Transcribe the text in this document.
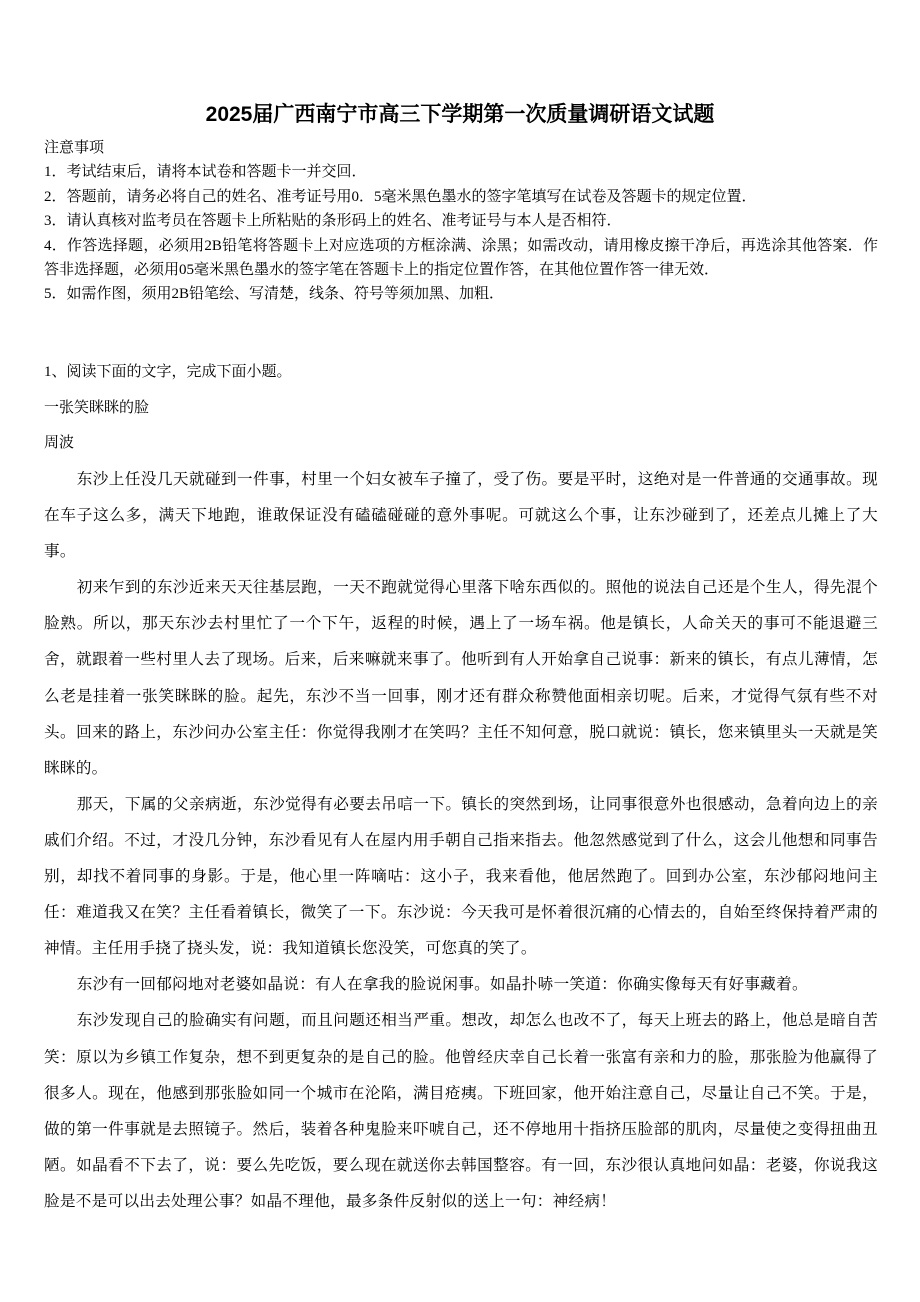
2025届广西南宁市高三下学期第一次质量调研语文试题
注意事项
1．考试结束后，请将本试卷和答题卡一并交回．
2．答题前，请务必将自己的姓名、准考证号用0．5毫米黑色墨水的签字笔填写在试卷及答题卡的规定位置．
3．请认真核对监考员在答题卡上所粘贴的条形码上的姓名、准考证号与本人是否相符．
4．作答选择题，必须用2B铅笔将答题卡上对应选项的方框涂满、涂黑；如需改动，请用橡皮擦干净后，再选涂其他答案．作答非选择题，必须用05毫米黑色墨水的签字笔在答题卡上的指定位置作答，在其他位置作答一律无效．
5．如需作图，须用2B铅笔绘、写清楚，线条、符号等须加黑、加粗．
1、阅读下面的文字，完成下面小题。
一张笑眯眯的脸
周波

东沙上任没几天就碰到一件事，村里一个妇女被车子撞了，受了伤。要是平时，这绝对是一件普通的交通事故。现在车子这么多，满天下地跑，谁敢保证没有磕磕碰碰的意外事呢。可就这么个事，让东沙碰到了，还差点儿摊上了大事。

初来乍到的东沙近来天天往基层跑，一天不跑就觉得心里落下啥东西似的。照他的说法自己还是个生人，得先混个脸熟。所以，那天东沙去村里忙了一个下午，返程的时候，遇上了一场车祸。他是镇长，人命关天的事可不能退避三舍，就跟着一些村里人去了现场。后来，后来嘛就来事了。他听到有人开始拿自己说事：新来的镇长，有点儿薄情，怎么老是挂着一张笑眯眯的脸。起先，东沙不当一回事，刚才还有群众称赞他面相亲切呢。后来，才觉得气氛有些不对头。回来的路上，东沙问办公室主任：你觉得我刚才在笑吗？主任不知何意，脱口就说：镇长，您来镇里头一天就是笑眯眯的。

那天，下属的父亲病逝，东沙觉得有必要去吊唁一下。镇长的突然到场，让同事很意外也很感动，急着向边上的亲戚们介绍。不过，才没几分钟，东沙看见有人在屋内用手朝自己指来指去。他忽然感觉到了什么，这会儿他想和同事告别，却找不着同事的身影。于是，他心里一阵嘀咕：这小子，我来看他，他居然跑了。回到办公室，东沙郁闷地问主任：难道我又在笑？主任看着镇长，微笑了一下。东沙说：今天我可是怀着很沉痛的心情去的，自始至终保持着严肃的神情。主任用手挠了挠头发，说：我知道镇长您没笑，可您真的笑了。

东沙有一回郁闷地对老婆如晶说：有人在拿我的脸说闲事。如晶扑哧一笑道：你确实像每天有好事藏着。

东沙发现自己的脸确实有问题，而且问题还相当严重。想改，却怎么也改不了，每天上班去的路上，他总是暗自苦笑：原以为乡镇工作复杂，想不到更复杂的是自己的脸。他曾经庆幸自己长着一张富有亲和力的脸，那张脸为他赢得了很多人。现在，他感到那张脸如同一个城市在沦陷，满目疮痍。下班回家，他开始注意自己，尽量让自己不笑。于是，做的第一件事就是去照镜子。然后，装着各种鬼脸来吓唬自己，还不停地用十指挤压脸部的肌肉，尽量使之变得扭曲丑陋。如晶看不下去了，说：要么先吃饭，要么现在就送你去韩国整容。有一回，东沙很认真地问如晶：老婆，你说我这脸是不是可以出去处理公事？如晶不理他，最多条件反射似的送上一句：神经病！
